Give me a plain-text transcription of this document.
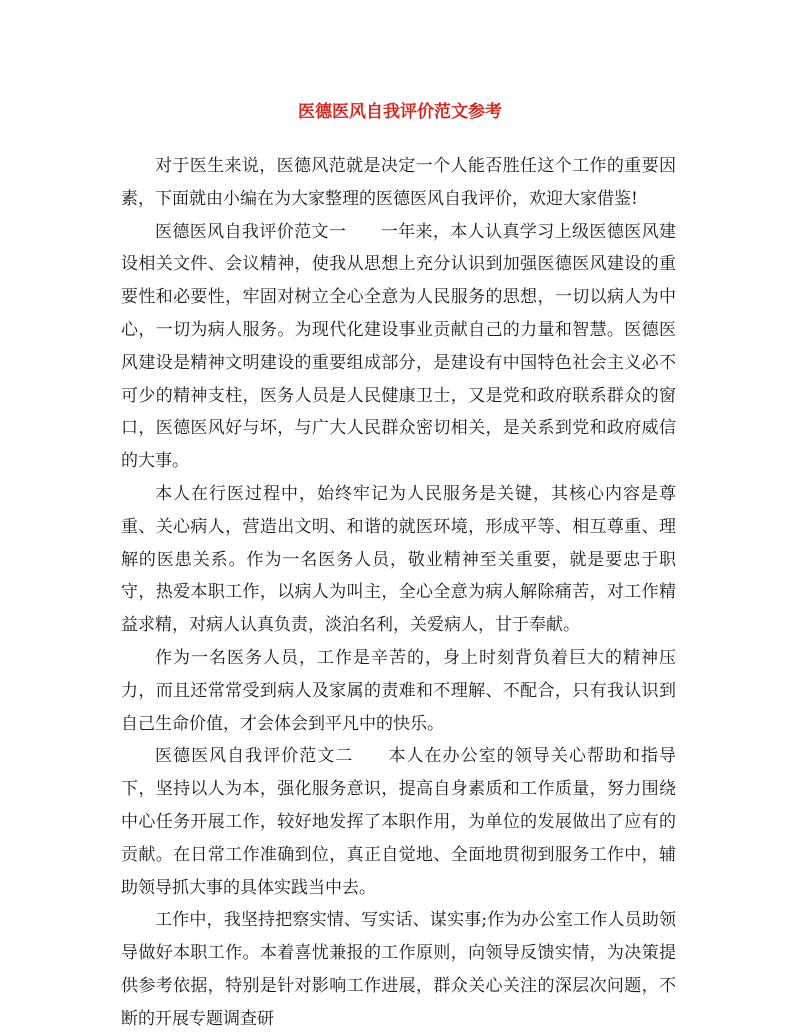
医德医风自我评价范文参考

对于医生来说，医德风范就是决定一个人能否胜任这个工作的重要因素，下面就由小编在为大家整理的医德医风自我评价，欢迎大家借鉴!

医德医风自我评价范文一 一年来，本人认真学习上级医德医风建设相关文件、会议精神，使我从思想上充分认识到加强医德医风建设的重要性和必要性，牢固对树立全心全意为人民服务的思想，一切以病人为中心，一切为病人服务。为现代化建设事业贡献自己的力量和智慧。医德医风建设是精神文明建设的重要组成部分，是建设有中国特色社会主义必不可少的精神支柱，医务人员是人民健康卫士，又是党和政府联系群众的窗口，医德医风好与坏，与广大人民群众密切相关，是关系到党和政府威信的大事。

本人在行医过程中，始终牢记为人民服务是关键，其核心内容是尊重、关心病人，营造出文明、和谐的就医环境，形成平等、相互尊重、理解的医患关系。作为一名医务人员，敬业精神至关重要，就是要忠于职守，热爱本职工作，以病人为叫主，全心全意为病人解除痛苦，对工作精益求精，对病人认真负责，淡泊名利，关爱病人，甘于奉献。

作为一名医务人员，工作是辛苦的，身上时刻背负着巨大的精神压力，而且还常常受到病人及家属的责难和不理解、不配合，只有我认识到自己生命价值，才会体会到平凡中的快乐。

医德医风自我评价范文二 本人在办公室的领导关心帮助和指导下，坚持以人为本，强化服务意识，提高自身素质和工作质量，努力围绕中心任务开展工作，较好地发挥了本职作用，为单位的发展做出了应有的贡献。在日常工作准确到位，真正自觉地、全面地贯彻到服务工作中，辅助领导抓大事的具体实践当中去。

工作中，我坚持把察实情、写实话、谋实事;作为办公室工作人员助领导做好本职工作。本着喜忧兼报的工作原则，向领导反馈实情，为决策提供参考依据，特别是针对影响工作进展，群众关心关注的深层次问题，不断的开展专题调查研
